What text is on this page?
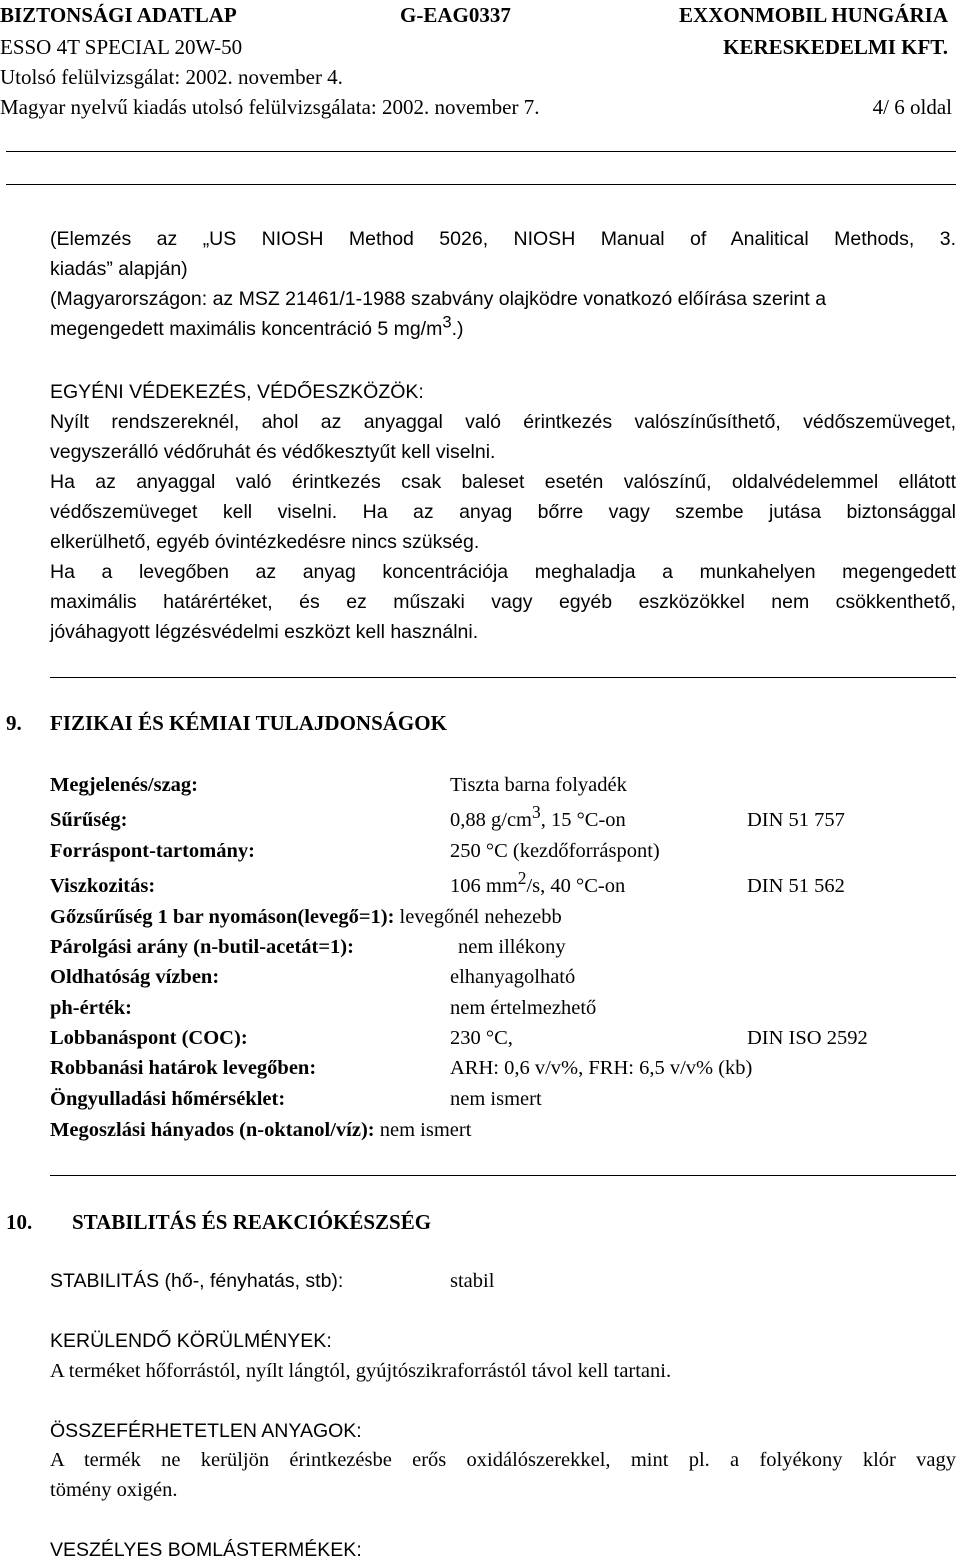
BIZTONSÁGI ADATLAP	G-EAG0337	EXXONMOBIL HUNGÁRIA
ESSO 4T SPECIAL 20W-50	KERESKEDELMI KFT.
Utolsó felülvizsgálat: 2002. november 4.
Magyar nyelvű kiadás utolsó felülvizsgálata: 2002. november 7.	4/ 6 oldal
(Elemzés az „US NIOSH Method 5026, NIOSH Manual of Analitical Methods, 3.
kiadás” alapján)
(Magyarországon: az MSZ 21461/1-1988 szabvány olajködre vonatkozó előírása szerint a
megengedett maximális koncentráció 5 $mg/m^3$.)
EGYÉNI VÉDEKEZÉS, VÉDŐESZKÖZÖK:
Nyílt rendszereknél, ahol az anyaggal való érintkezés valószínűsíthető, védőszemüveget,
vegyszerálló védőruhát és védőkesztyűt kell viselni.
Ha az anyaggal való érintkezés csak baleset esetén valószínű, oldalvédelemmel ellátott
védőszemüveget kell viselni. Ha az anyag bőrre vagy szembe jutása biztonsággal
elkerülhető, egyéb óvintézkedésre nincs szükség.
Ha a levegőben az anyag koncentrációja meghaladja a munkahelyen megengedett
maximális határértéket, és ez műszaki vagy egyéb eszközökkel nem csökkenthető,
jóváhagyott légzésvédelmi eszközt kell használni.
9. FIZIKAI ÉS KÉMIAI TULAJDONSÁGOK
Megjelenés/szag:	Tiszta barna folyadék
Sűrűség:	0,88 $g/cm^3$, 15 °C-on	DIN 51 757
Forráspont-tartomány:	250 °C (kezdőforráspont)
Viszkozitás:	106 $mm^2/s$, 40 °C-on	DIN 51 562
Gőzsűrűség 1 bar nyomáson(levegő=1): levegőnél nehezebb
Párolgási arány (n-butil-acetát=1):	nem illékony
Oldhatóság vízben:	elhanyagolható
ph-érték:	nem értelmezhető
Lobbanáspont (COC):	230 °C,	DIN ISO 2592
Robbanási határok levegőben:	ARH: 0,6 v/v%, FRH: 6,5 v/v% (kb)
Öngyulladási hőmérséklet:	nem ismert
Megoszlási hányados (n-oktanol/víz): nem ismert
10. STABILITÁS ÉS REAKCIÓKÉSZSÉG
STABILITÁS (hő-, fényhatás, stb):	stabil
KERÜLENDŐ KÖRÜLMÉNYEK:
A terméket hőforrástól, nyílt lángtól, gyújtószikraforrástól távol kell tartani.
ÖSSZEFÉRHETETLEN ANYAGOK:
A termék ne kerüljön érintkezésbe erős oxidálószerekkel, mint pl. a folyékony klór vagy
tömény oxigén.
VESZÉLYES BOMLÁSTERMÉKEK:
